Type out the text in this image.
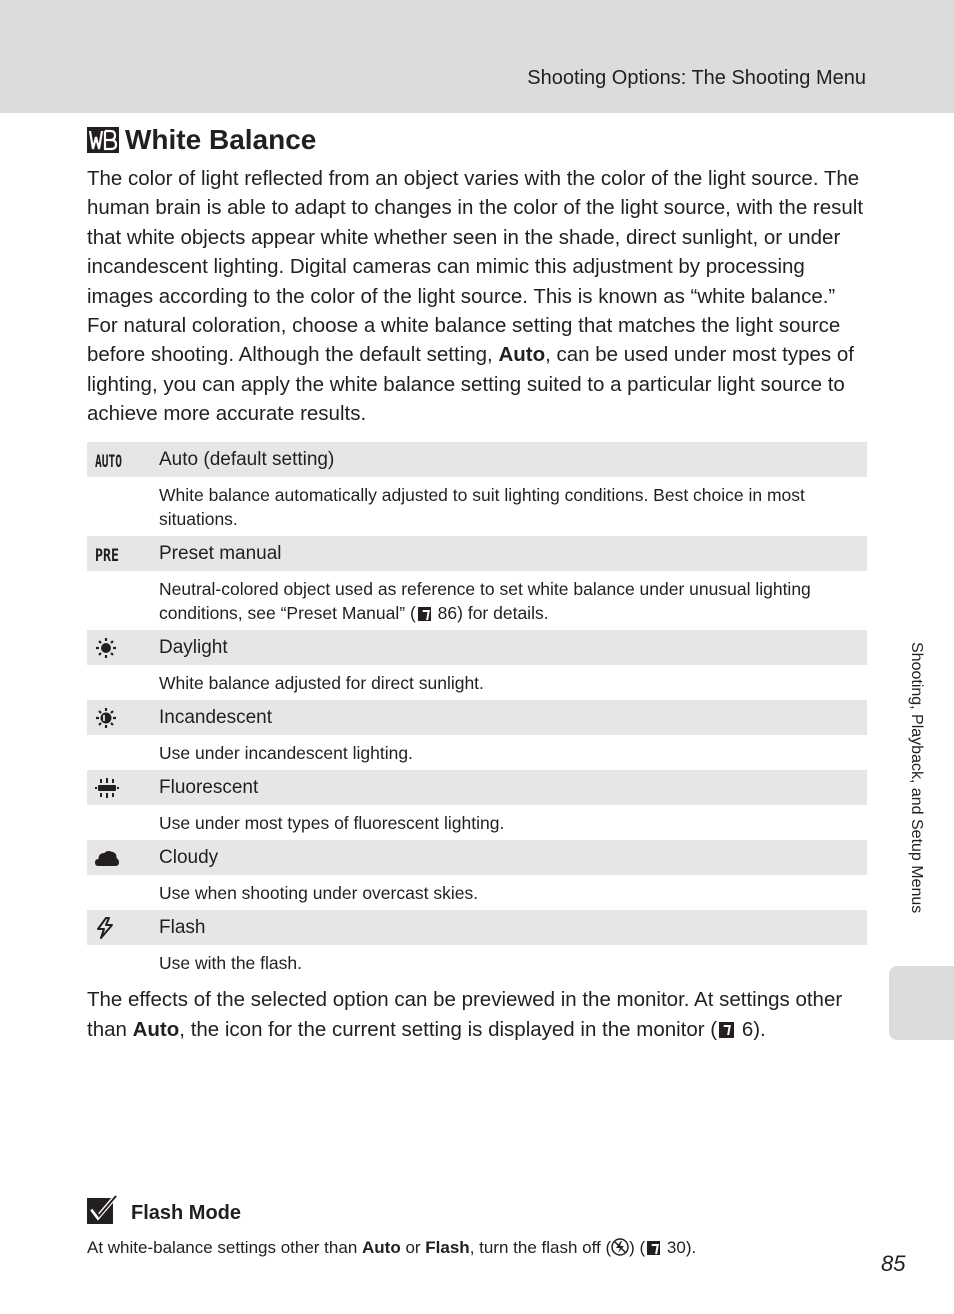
Shooting Options: The Shooting Menu
Shooting, Playback, and Setup Menus
White Balance

The color of light reflected from an object varies with the color of the light source. The human brain is able to adapt to changes in the color of the light source, with the result that white objects appear white whether seen in the shade, direct sunlight, or under incandescent lighting. Digital cameras can mimic this adjustment by processing images according to the color of the light source. This is known as “white balance.” For natural coloration, choose a white balance setting that matches the light source before shooting. Although the default setting, Auto, can be used under most types of lighting, you can apply the white balance setting suited to a particular light source to achieve more accurate results.

AUTO Auto (default setting)
White balance automatically adjusted to suit lighting conditions. Best choice in most situations.
PRE Preset manual
Neutral-colored object used as reference to set white balance under unusual lighting conditions, see “Preset Manual” ( 86) for details.
Daylight
White balance adjusted for direct sunlight.
Incandescent
Use under incandescent lighting.
Fluorescent
Use under most types of fluorescent lighting.
Cloudy
Use when shooting under overcast skies.
Flash
Use with the flash.

The effects of the selected option can be previewed in the monitor. At settings other than Auto, the icon for the current setting is displayed in the monitor ( 6).

Flash Mode

At white-balance settings other than Auto or Flash, turn the flash off ( ) ( 30).

85
